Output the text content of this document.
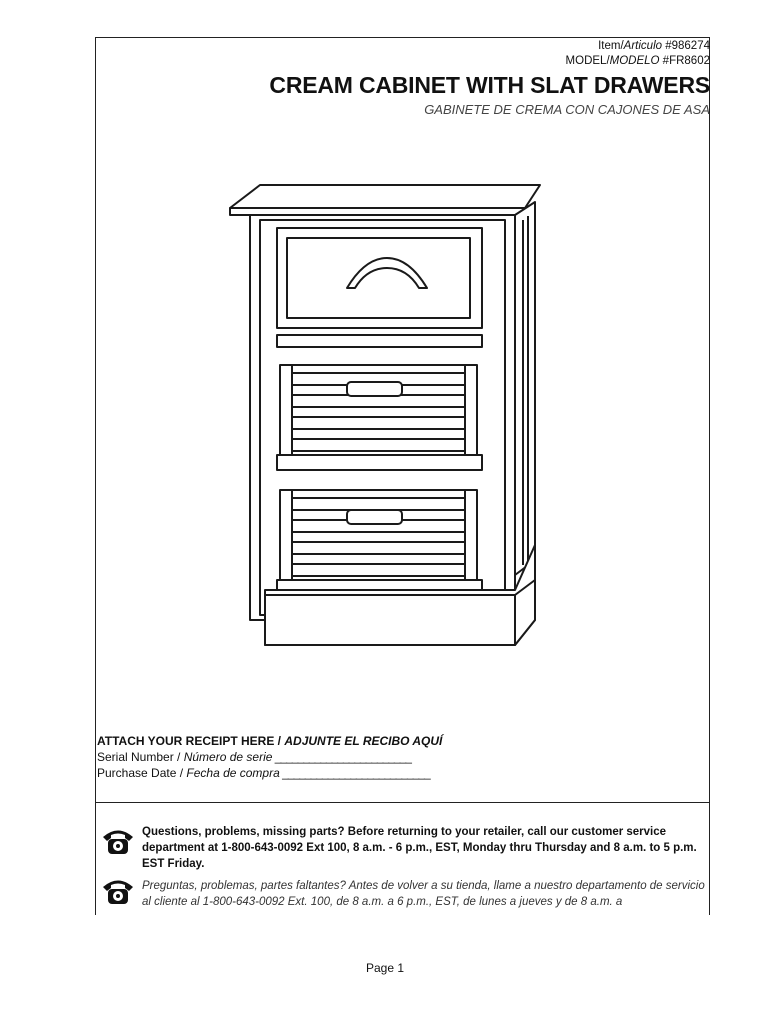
Item/Articulo #986274
MODEL/MODELO #FR8602
CREAM CABINET WITH SLAT DRAWERS
GABINETE DE CREMA CON CAJONES DE ASA
ATTACH YOUR RECEIPT HERE / ADJUNTE EL RECIBO AQUÍ
Serial Number / Número de serie ________________________
Purchase Date / Fecha de compra __________________________
Questions, problems, missing parts? Before returning to your retailer, call our customer service department at 1-800-643-0092 Ext 100, 8 a.m. - 6 p.m., EST, Monday thru Thursday and 8 a.m. to 5 p.m. EST Friday.
Preguntas, problemas, partes faltantes? Antes de volver a su tienda, llame a nuestro departamento de servicio al cliente al 1-800-643-0092 Ext. 100, de 8 a.m. a 6 p.m., EST, de lunes a jueves y de 8 a.m. a
Page 1
